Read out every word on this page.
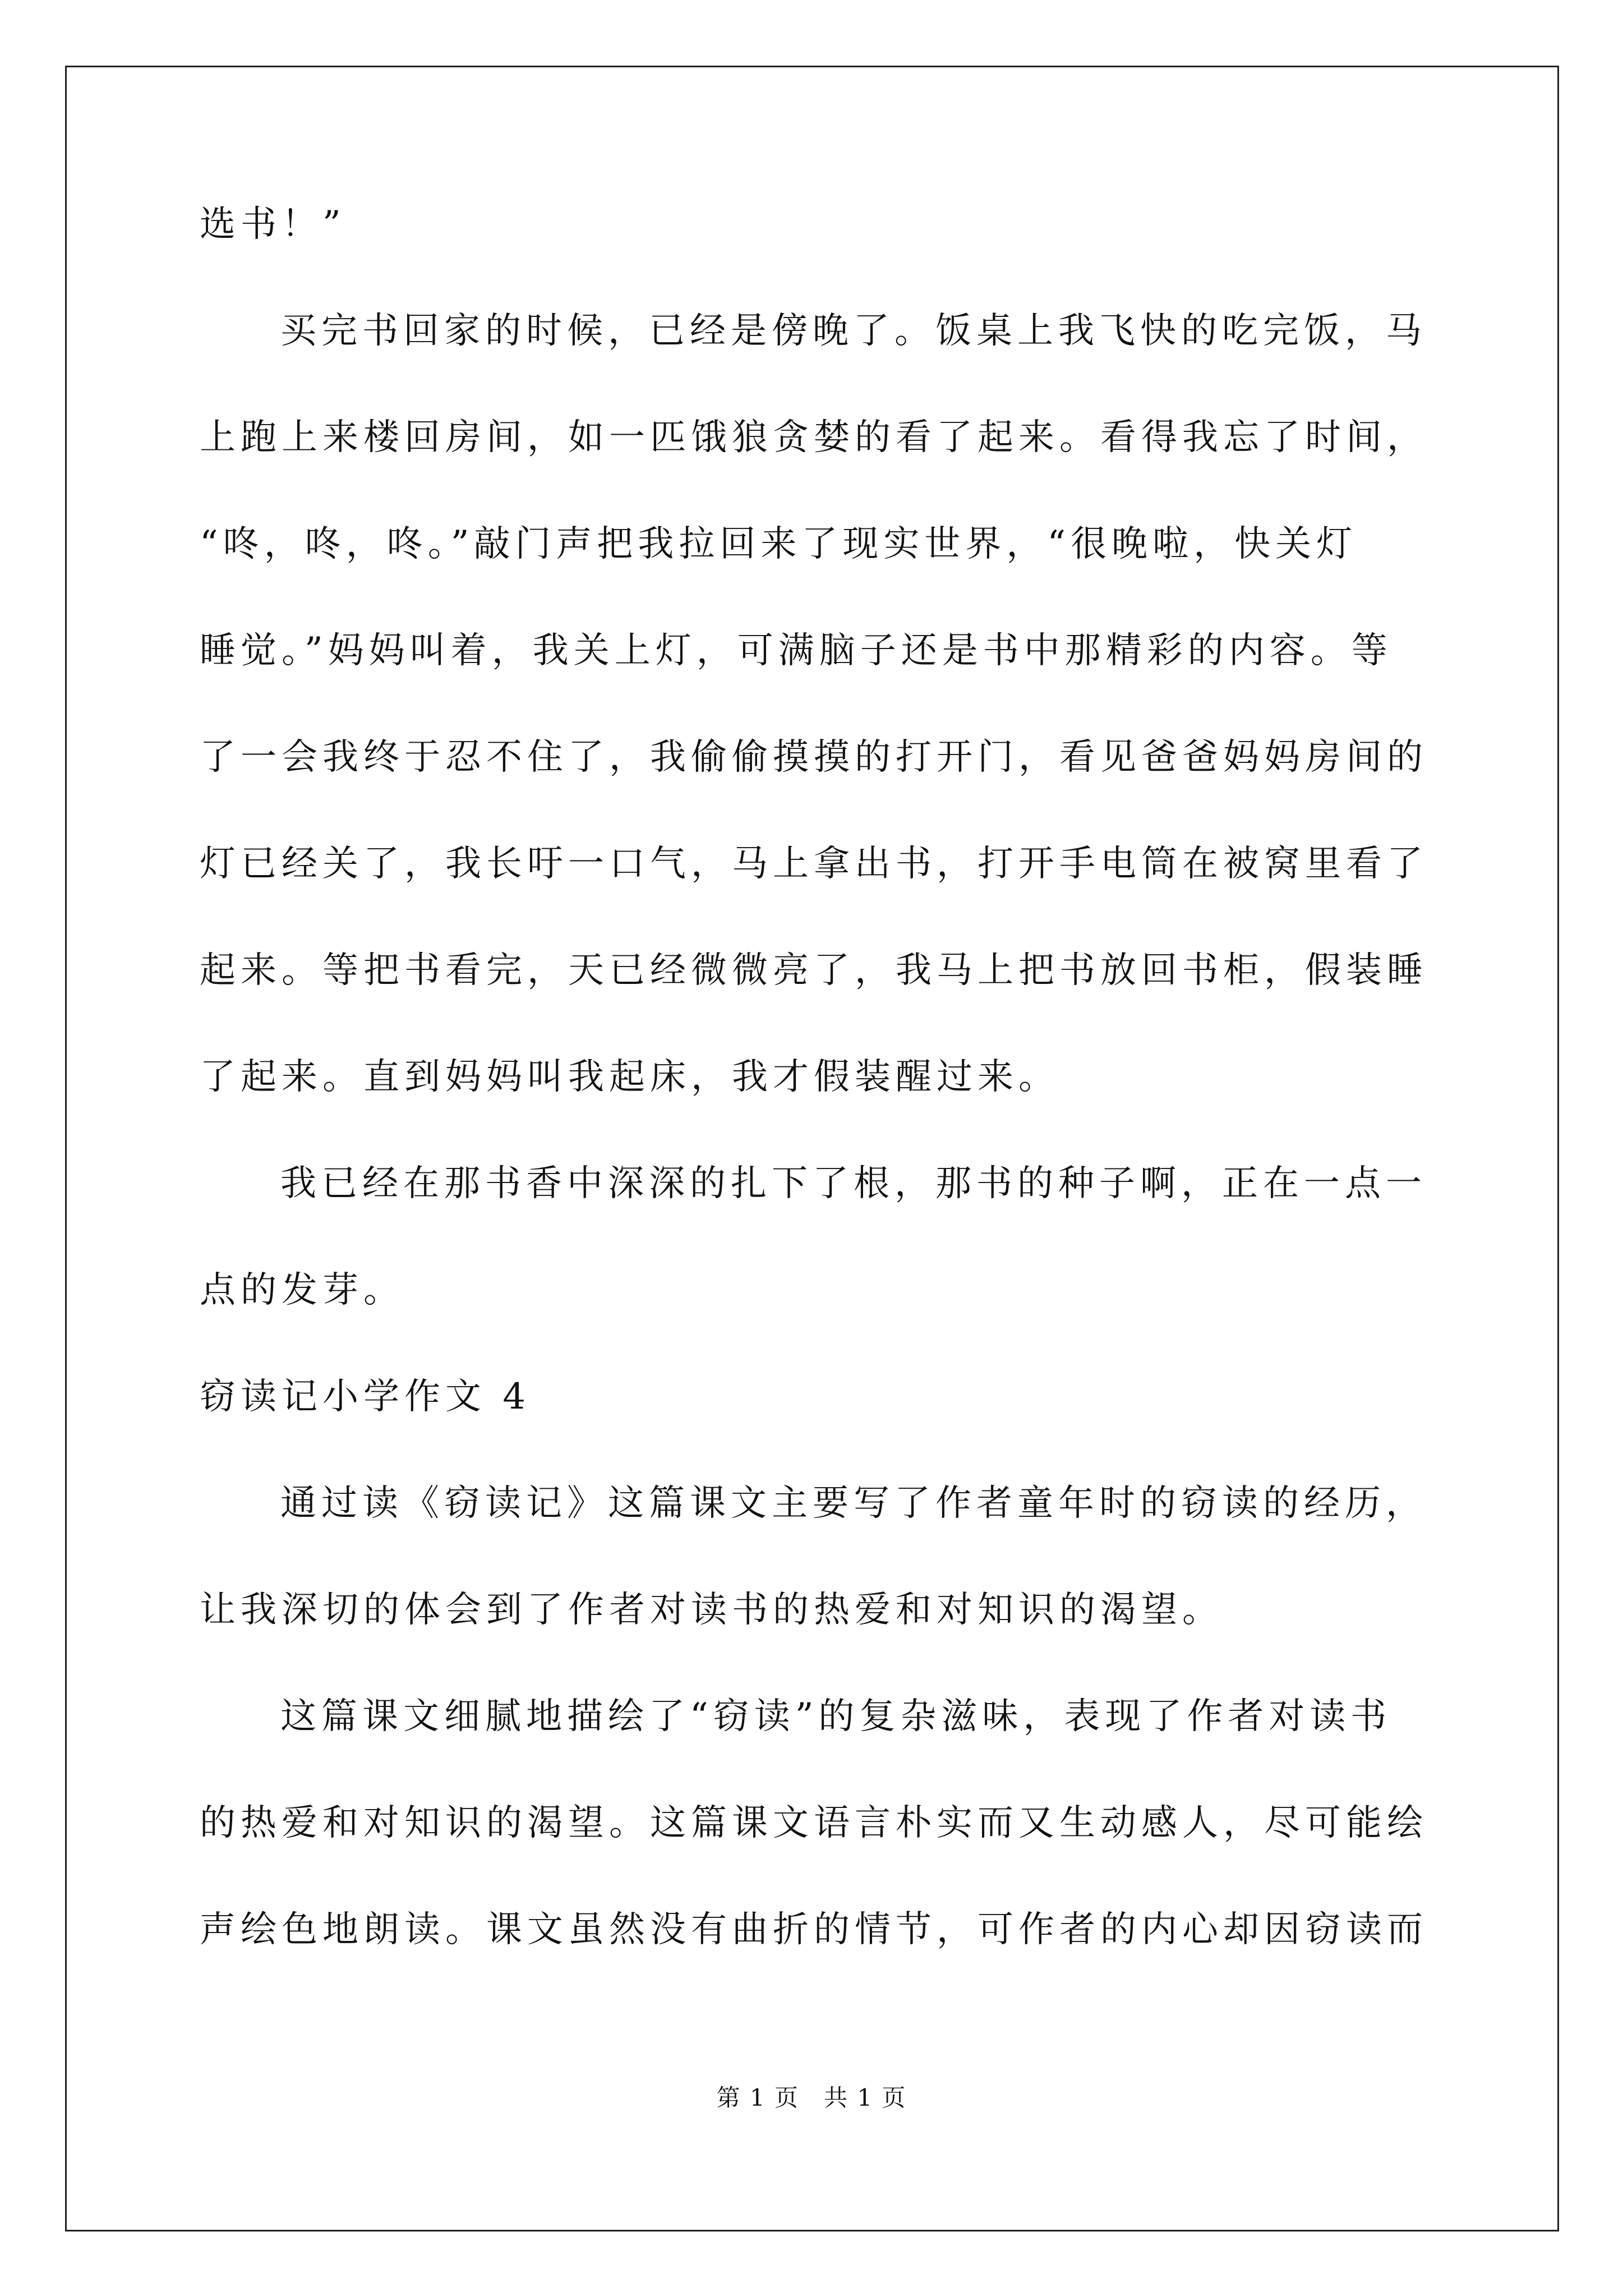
选书！”
买完书回家的时候，已经是傍晚了。饭桌上我飞快的吃完饭，马
上跑上来楼回房间，如一匹饿狼贪婪的看了起来。看得我忘了时间，
“咚，咚，咚。”敲门声把我拉回来了现实世界，“很晚啦，快关灯
睡觉。”妈妈叫着，我关上灯，可满脑子还是书中那精彩的内容。等
了一会我终于忍不住了，我偷偷摸摸的打开门，看见爸爸妈妈房间的
灯已经关了，我长吁一口气，马上拿出书，打开手电筒在被窝里看了
起来。等把书看完，天已经微微亮了，我马上把书放回书柜，假装睡
了起来。直到妈妈叫我起床，我才假装醒过来。
我已经在那书香中深深的扎下了根，那书的种子啊，正在一点一
点的发芽。
窃读记小学作文 4
通过读《窃读记》这篇课文主要写了作者童年时的窃读的经历，
让我深切的体会到了作者对读书的热爱和对知识的渴望。
这篇课文细腻地描绘了“窃读”的复杂滋味，表现了作者对读书
的热爱和对知识的渴望。这篇课文语言朴实而又生动感人，尽可能绘
声绘色地朗读。课文虽然没有曲折的情节，可作者的内心却因窃读而
第 1 页　共 1 页
